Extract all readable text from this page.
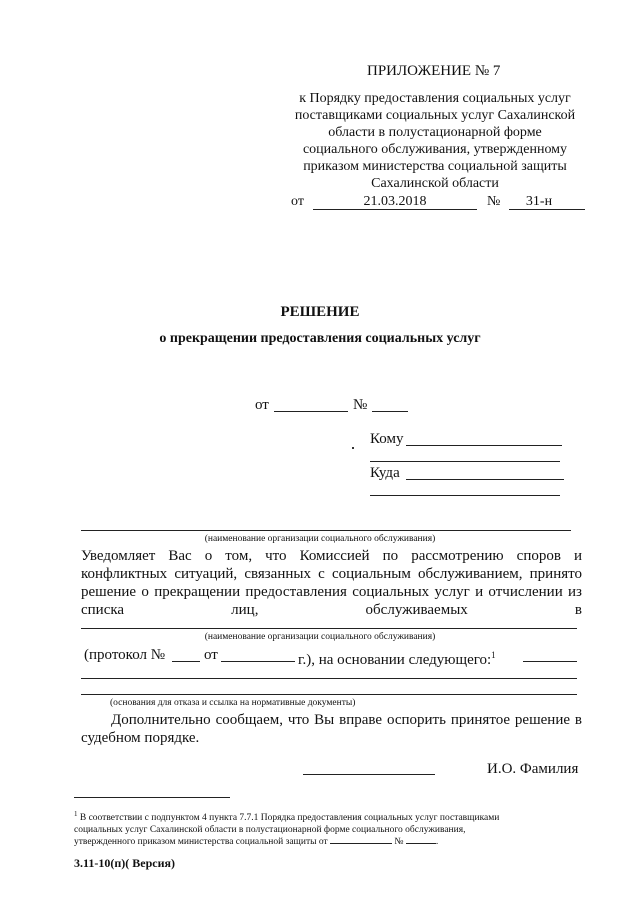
ПРИЛОЖЕНИЕ № 7
к Порядку предоставления социальных услуг
поставщиками социальных услуг Сахалинской
области в полустационарной форме
социального обслуживания, утвержденному
приказом министерства социальной защиты
Сахалинской области
от	21.03.2018	№	31-н
РЕШЕНИЕ
о прекращении предоставления социальных услуг
от	№
Кому
Куда
(наименование организации социального обслуживания)
Уведомляет Вас о том, что Комиссией по рассмотрению споров и
конфликтных ситуаций, связанных с социальным обслуживанием, принято
решение о прекращении предоставления социальных услуг и отчислении из
списка	лиц,	обслуживаемых	в
(наименование организации социального обслуживания)
(протокол №	от	г.), на основании следующего:$^1$
(основания для отказа и ссылка на нормативные документы)
Дополнительно сообщаем, что Вы вправе оспорить принятое решение в
судебном порядке.
И.О. Фамилия
$^1$ В соответствии с подпунктом 4 пункта 7.7.1 Порядка предоставления социальных услуг поставщиками
социальных услуг Сахалинской области в полустационарной форме социального обслуживания,
утвержденного приказом министерства социальной защиты от	№	.
3.11-10(п)( Версия)
